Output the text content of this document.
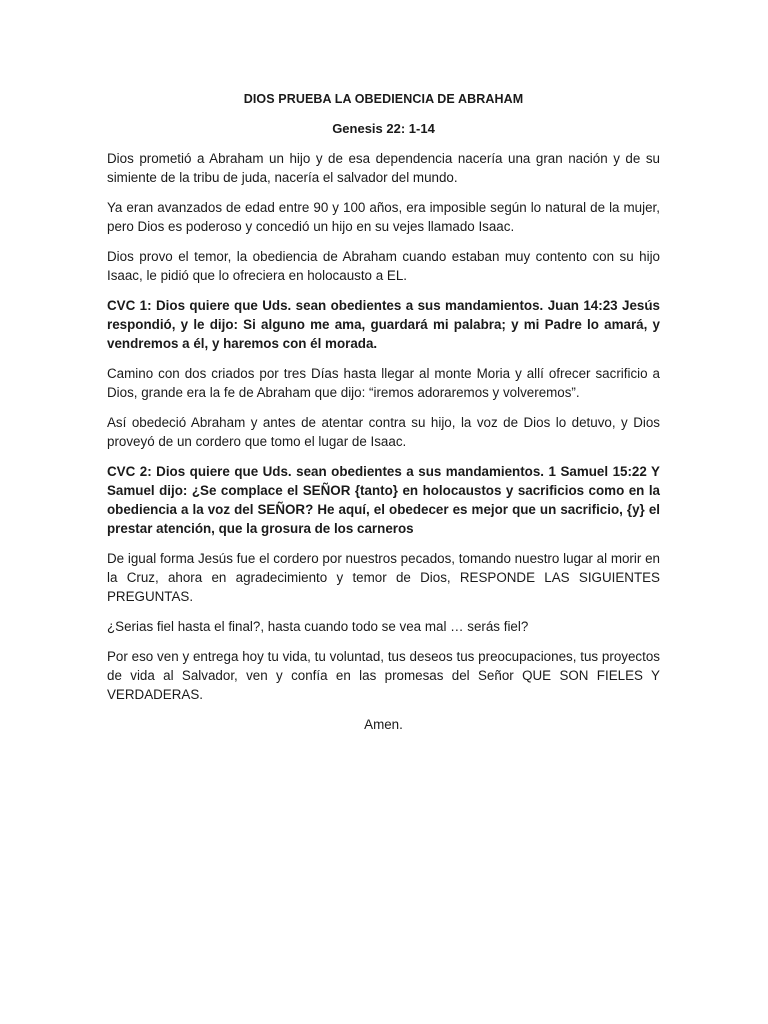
DIOS PRUEBA LA OBEDIENCIA DE ABRAHAM
Genesis 22: 1-14

Dios prometió a Abraham un hijo y de esa dependencia nacería una gran nación y de su simiente de la tribu de juda, nacería el salvador del mundo.

Ya eran avanzados de edad entre 90 y 100 años, era imposible según lo natural de la mujer, pero Dios es poderoso y concedió un hijo en su vejes llamado Isaac.

Dios provo el temor, la obediencia de Abraham cuando estaban muy contento con su hijo Isaac, le pidió que lo ofreciera en holocausto a EL.

CVC 1: Dios quiere que Uds. sean obedientes a sus mandamientos. Juan 14:23 Jesús respondió, y le dijo: Si alguno me ama, guardará mi palabra; y mi Padre lo amará, y vendremos a él, y haremos con él morada.

Camino con dos criados por tres Días hasta llegar al monte Moria y allí ofrecer sacrificio a Dios, grande era la fe de Abraham que dijo: “iremos adoraremos y volveremos”.

Así obedeció Abraham y antes de atentar contra su hijo, la voz de Dios lo detuvo, y Dios proveyó de un cordero que tomo el lugar de Isaac.

CVC 2: Dios quiere que Uds. sean obedientes a sus mandamientos. 1 Samuel 15:22 Y Samuel dijo: ¿Se complace el SEÑOR {tanto} en holocaustos y sacrificios como en la obediencia a la voz del SEÑOR? He aquí, el obedecer es mejor que un sacrificio, {y} el prestar atención, que la grosura de los carneros

De igual forma Jesús fue el cordero por nuestros pecados, tomando nuestro lugar al morir en la Cruz, ahora en agradecimiento y temor de Dios, RESPONDE LAS SIGUIENTES PREGUNTAS.

¿Serias fiel hasta el final?, hasta cuando todo se vea mal … serás fiel?

Por eso ven y entrega hoy tu vida, tu voluntad, tus deseos tus preocupaciones, tus proyectos de vida al Salvador, ven y confía en las promesas del Señor QUE SON FIELES Y VERDADERAS.

Amen.
